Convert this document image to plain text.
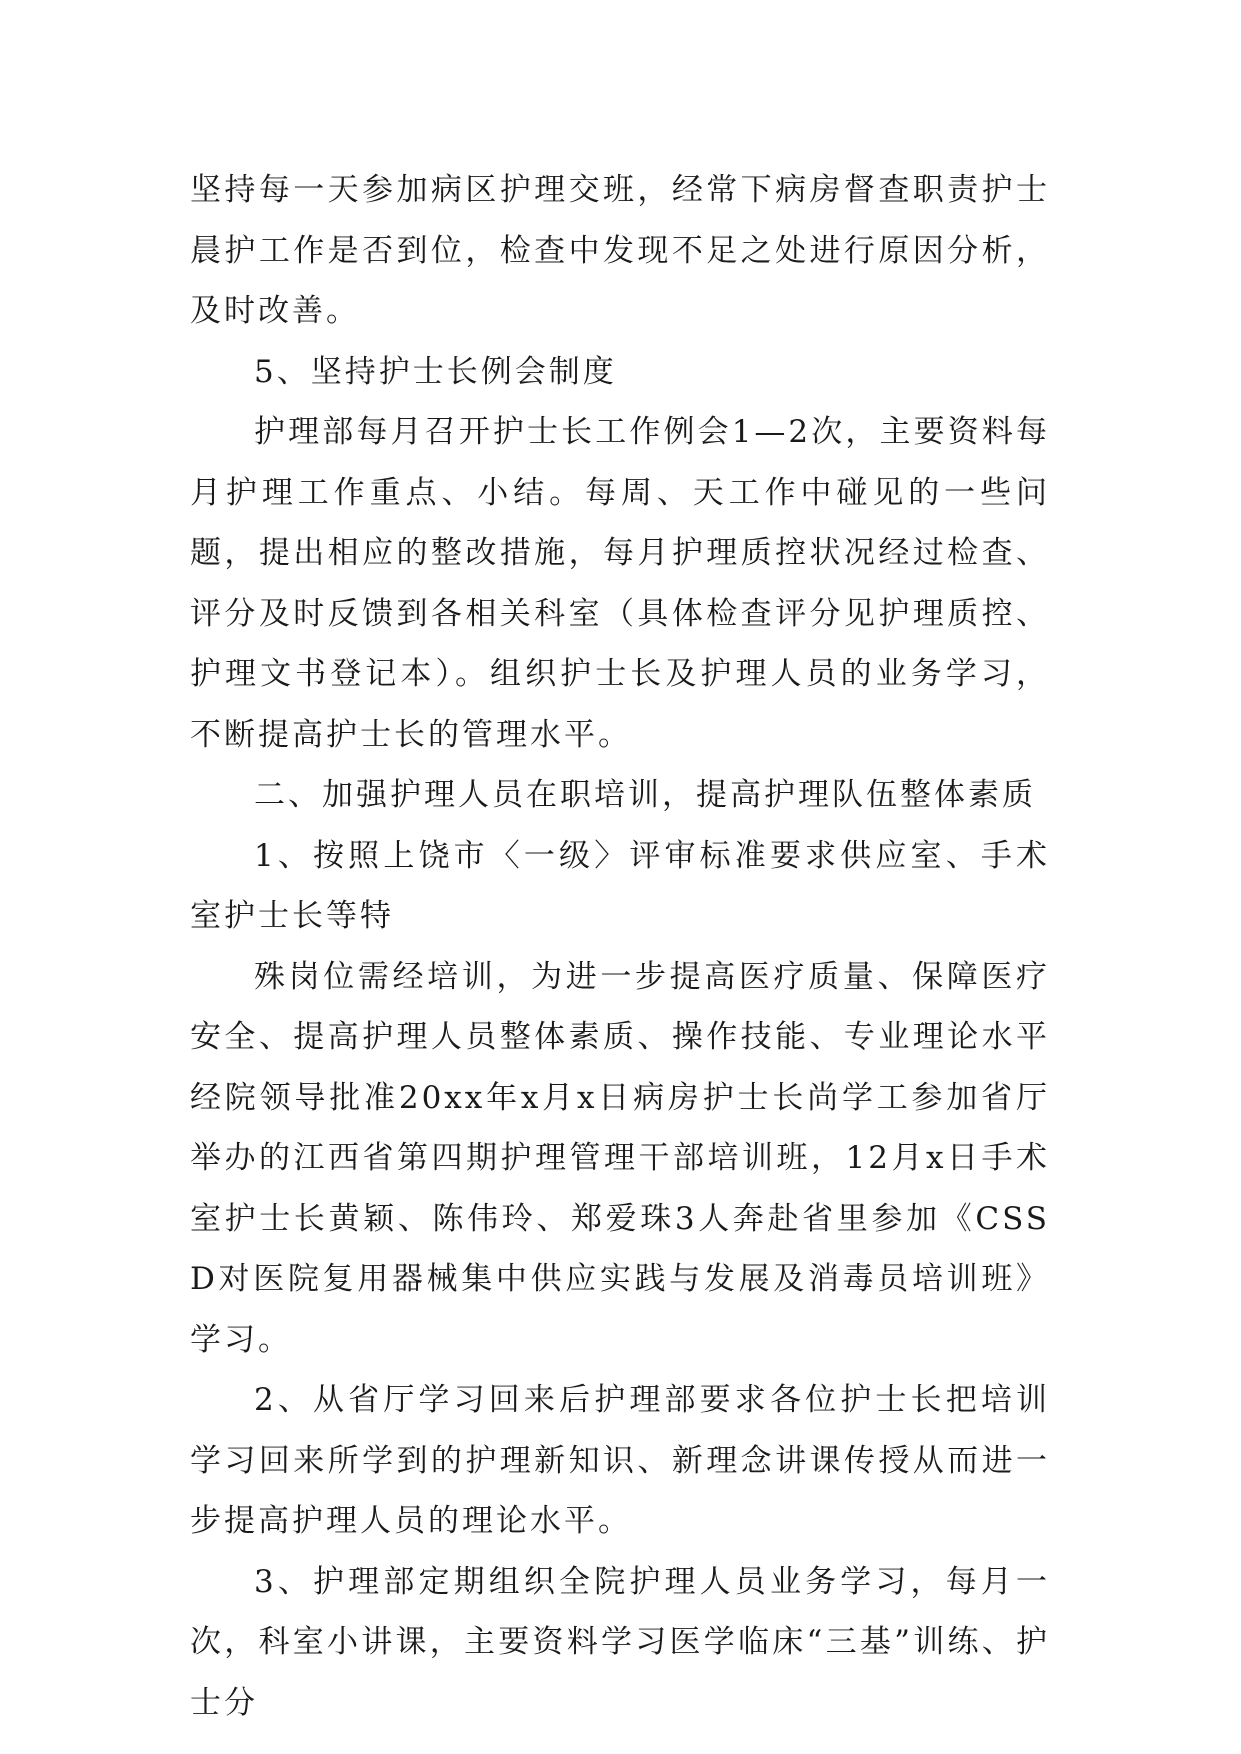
坚持每一天参加病区护理交班，经常下病房督查职责护士晨护工作是否到位，检查中发现不足之处进行原因分析，及时改善。

5、坚持护士长例会制度

护理部每月召开护士长工作例会1—2次，主要资料每月护理工作重点、小结。每周、天工作中碰见的一些问题，提出相应的整改措施，每月护理质控状况经过检查、评分及时反馈到各相关科室（具体检查评分见护理质控、护理文书登记本）。组织护士长及护理人员的业务学习，不断提高护士长的管理水平。

二、加强护理人员在职培训，提高护理队伍整体素质

1、按照上饶市〈一级〉评审标准要求供应室、手术室护士长等特

殊岗位需经培训，为进一步提高医疗质量、保障医疗安全、提高护理人员整体素质、操作技能、专业理论水平经院领导批准20xx年x月x日病房护士长尚学工参加省厅举办的江西省第四期护理管理干部培训班，12月x日手术室护士长黄颖、陈伟玲、郑爱珠3人奔赴省里参加《CSSD对医院复用器械集中供应实践与发展及消毒员培训班》学习。

2、从省厅学习回来后护理部要求各位护士长把培训学习回来所学到的护理新知识、新理念讲课传授从而进一步提高护理人员的理论水平。

3、护理部定期组织全院护理人员业务学习，每月一次，科室小讲课，主要资料学习医学临床“三基”训练、护士分
